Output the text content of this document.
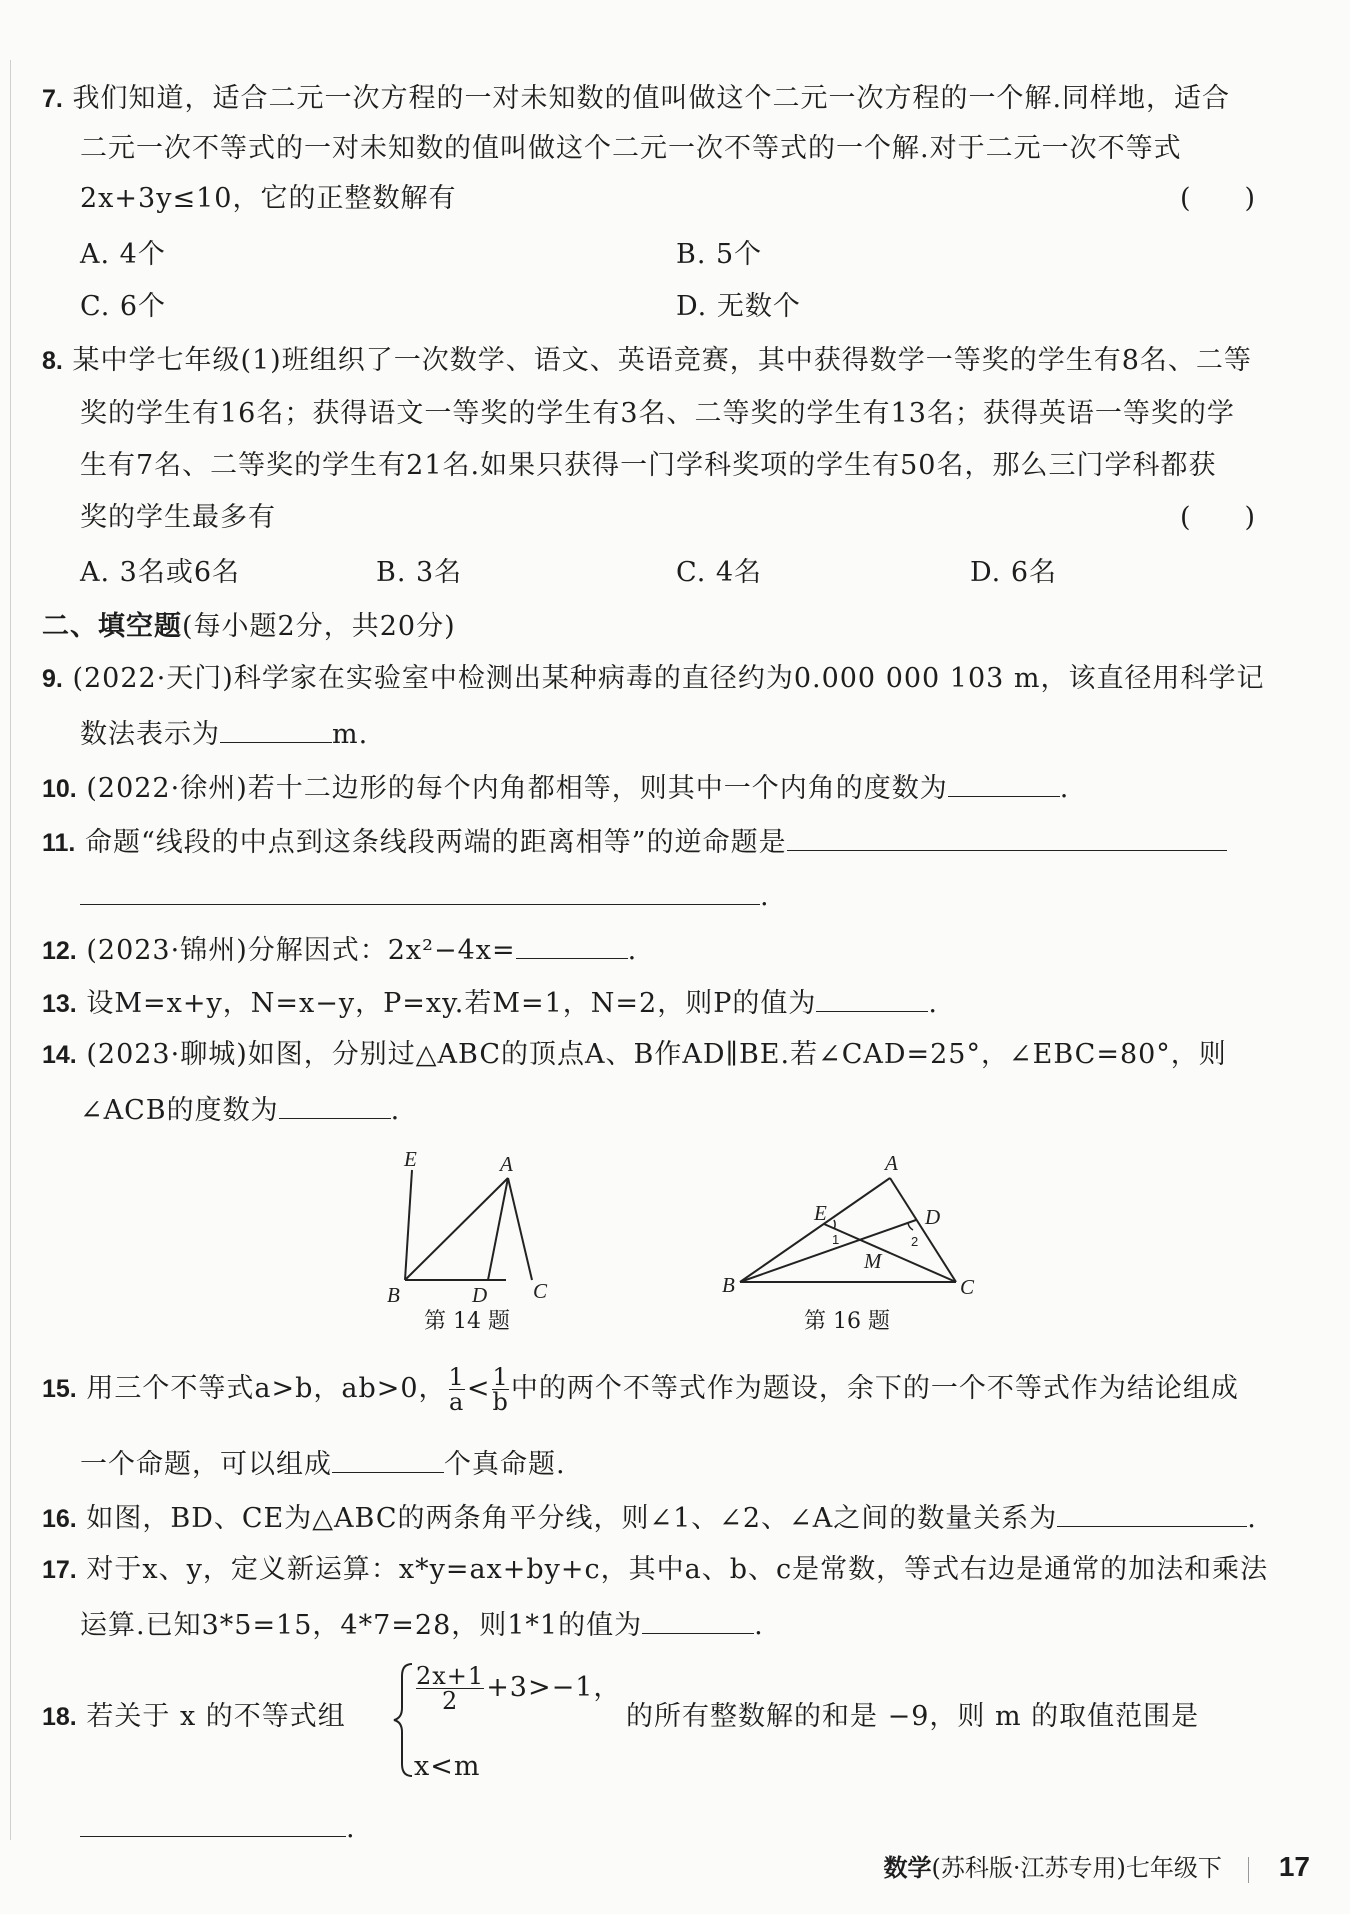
7. 我们知道，适合二元一次方程的一对未知数的值叫做这个二元一次方程的一个解.同样地，适合
二元一次不等式的一对未知数的值叫做这个二元一次不等式的一个解.对于二元一次不等式
2x+3y≤10，它的正整数解有	(　　)
A. 4个	B. 5个
C. 6个	D. 无数个
8. 某中学七年级(1)班组织了一次数学、语文、英语竞赛，其中获得数学一等奖的学生有8名、二等
奖的学生有16名；获得语文一等奖的学生有3名、二等奖的学生有13名；获得英语一等奖的学
生有7名、二等奖的学生有21名.如果只获得一门学科奖项的学生有50名，那么三门学科都获
奖的学生最多有	(　　)
A. 3名或6名	B. 3名	C. 4名	D. 6名
二、填空题(每小题2分，共20分)
9. (2022·天门)科学家在实验室中检测出某种病毒的直径约为0.000 000 103 m，该直径用科学记
数法表示为	m.
10. (2022·徐州)若十二边形的每个内角都相等，则其中一个内角的度数为	.
11. 命题“线段的中点到这条线段两端的距离相等”的逆命题是
.
12. (2023·锦州)分解因式：2x²−4x=	.
13. 设M=x+y，N=x−y，P=xy.若M=1，N=2，则P的值为	.
14. (2023·聊城)如图，分别过△ABC的顶点A、B作AD∥BE.若∠CAD=25°，∠EBC=80°，则
∠ACB的度数为	.
E	A
B	D C
第 14 题
A
E	D
M
B	C
1	2
第 16 题
15. 用三个不等式a>b，ab>0， $\frac{1}{a} < \frac{1}{b}$ 中的两个不等式作为题设，余下的一个不等式作为结论组成
一个命题，可以组成	个真命题.
16. 如图，BD、CE为△ABC的两条角平分线，则∠1、∠2、∠A之间的数量关系为	.
17. 对于x、y，定义新运算：x*y=ax+by+c，其中a、b、c是常数，等式右边是通常的加法和乘法
运算.已知3*5=15，4*7=28，则1*1的值为	.
18. 若关于 x 的不等式组
$\frac{2x+1}{2} +3>-1$，
x<m
的所有整数解的和是 −9，则 m 的取值范围是
.
数学(苏科版·江苏专用)七年级下 17
